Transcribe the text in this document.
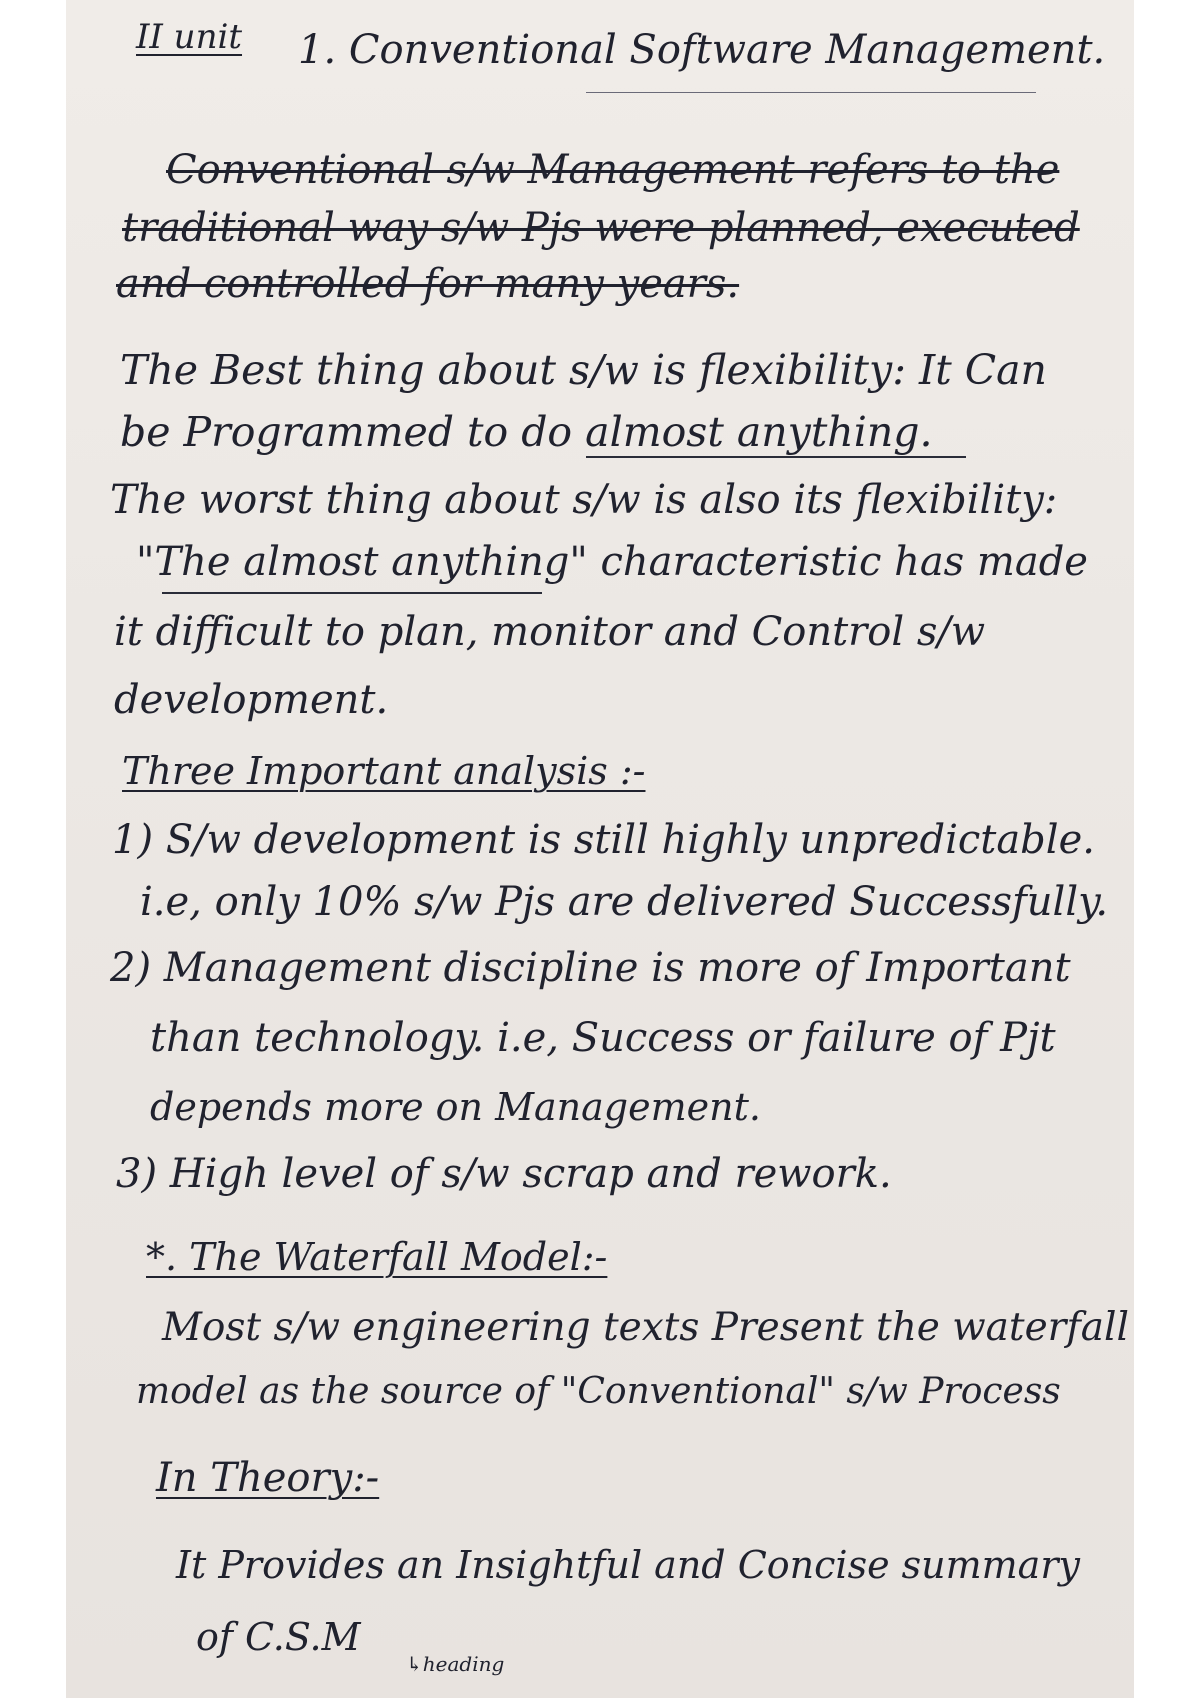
II unit 1. Conventional Software Management.
Conventional s/w Management refers to the
traditional way s/w Pjs were planned, executed
and controlled for many years.
The Best thing about s/w is flexibility: It Can
be Programmed to do almost anything.
The worst thing about s/w is also its flexibility:
"The almost anything" characteristic has made
it difficult to plan, monitor and Control s/w
development.
Three Important analysis :-
1) S/w development is still highly unpredictable.
i.e, only 10% s/w Pjs are delivered Successfully.
2) Management discipline is more of Important
than technology. i.e, Success or failure of Pjt
depends more on Management.
3) High level of s/w scrap and rework.
*. The Waterfall Model:-
Most s/w engineering texts Present the waterfall
model as the source of "Conventional" s/w Process
In Theory:-
It Provides an Insightful and Concise summary
of C.S.M
↳heading
